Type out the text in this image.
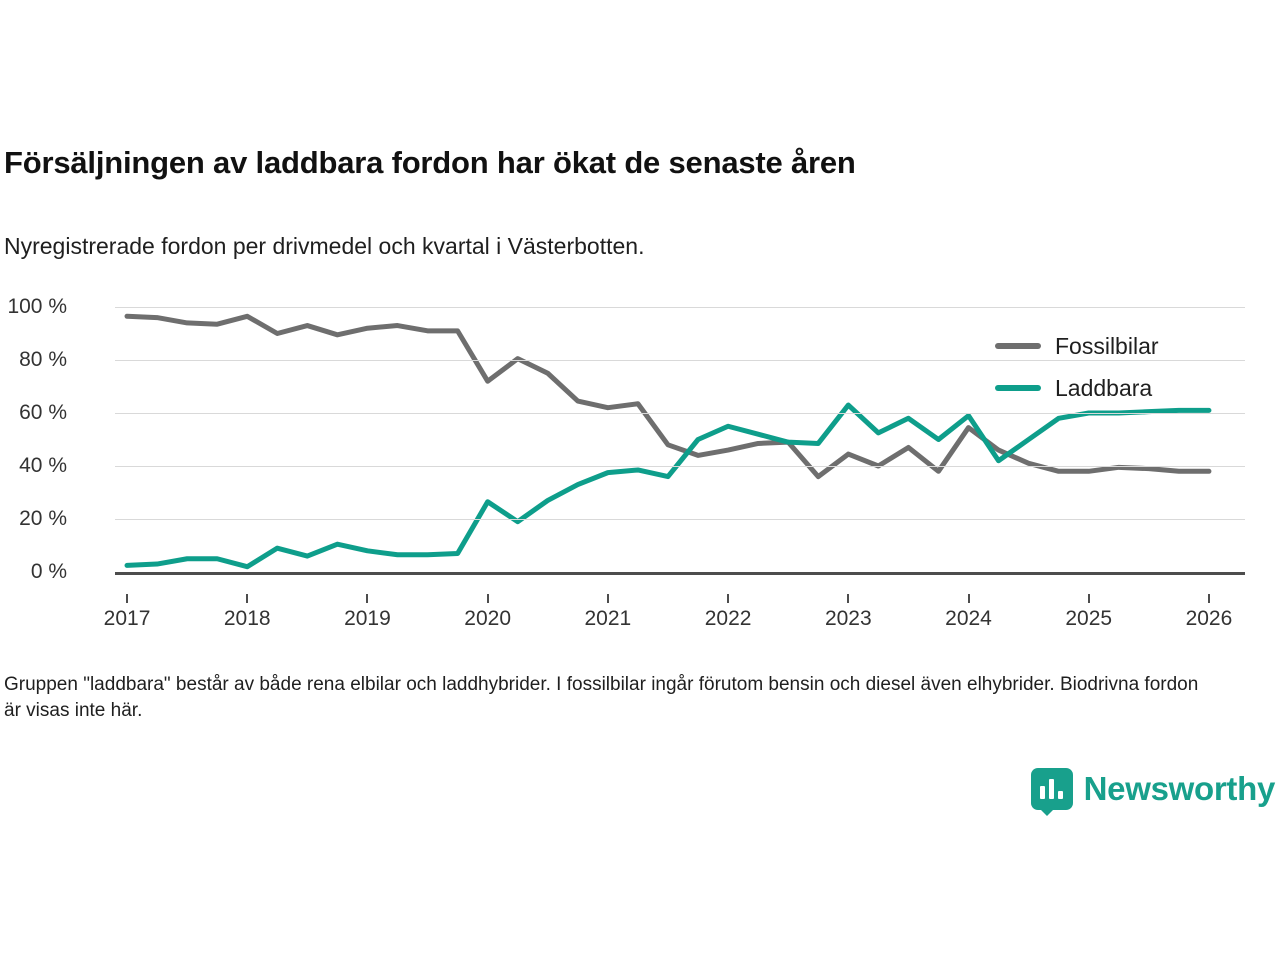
Försäljningen av laddbara fordon har ökat de senaste åren
Nyregistrerade fordon per drivmedel och kvartal i Västerbotten.
0 %
20 %
40 %
60 %
80 %
100 %
2017	2018	2019	2020	2021	2022	2023	2024	2025	2026
Fossilbilar
Laddbara
Gruppen "laddbara" består av både rena elbilar och laddhybrider. I fossilbilar ingår förutom bensin och diesel även elhybrider. Biodrivna fordon är visas inte här.
Newsworthy
